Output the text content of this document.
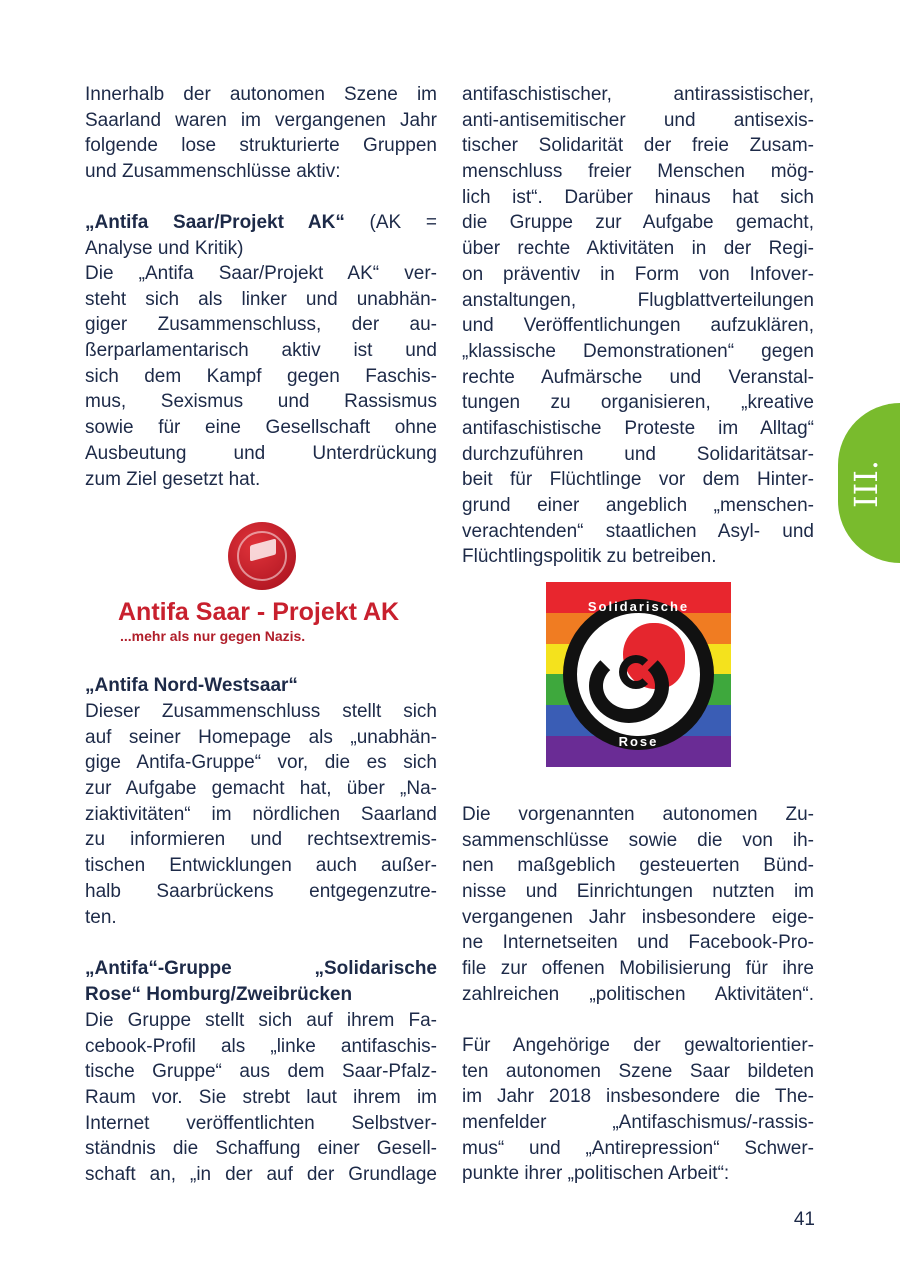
Innerhalb der autonomen Szene im
Saarland waren im vergangenen Jahr
folgende lose strukturierte Gruppen
und Zusammenschlüsse aktiv:
„Antifa Saar/Projekt AK“ (AK =
Analyse und Kritik)
Die „Antifa Saar/Projekt AK“ ver-
steht sich als linker und unabhän-
giger Zusammenschluss, der au-
ßerparlamentarisch aktiv ist und
sich dem Kampf gegen Faschis-
mus, Sexismus und Rassismus
sowie für eine Gesellschaft ohne
Ausbeutung und Unterdrückung
zum Ziel gesetzt hat.
Antifa Saar - Projekt AK
...mehr als nur gegen Nazis.
„Antifa Nord-Westsaar“
Dieser Zusammenschluss stellt sich
auf seiner Homepage als „unabhän-
gige Antifa-Gruppe“ vor, die es sich
zur Aufgabe gemacht hat, über „Na-
ziaktivitäten“ im nördlichen Saarland
zu informieren und rechtsextremis-
tischen Entwicklungen auch außer-
halb Saarbrückens entgegenzutre-
ten.
„Antifa“-Gruppe „Solidarische
Rose“ Homburg/Zweibrücken
Die Gruppe stellt sich auf ihrem Fa-
cebook-Profil als „linke antifaschis-
tische Gruppe“ aus dem Saar-Pfalz-
Raum vor. Sie strebt laut ihrem im
Internet veröffentlichten Selbstver-
ständnis die Schaffung einer Gesell-
schaft an, „in der auf der Grundlage
antifaschistischer, antirassistischer,
anti-antisemitischer und antisexis-
tischer Solidarität der freie Zusam-
menschluss freier Menschen mög-
lich ist“. Darüber hinaus hat sich
die Gruppe zur Aufgabe gemacht,
über rechte Aktivitäten in der Regi-
on präventiv in Form von Infover-
anstaltungen, Flugblattverteilungen
und Veröffentlichungen aufzuklären,
„klassische Demonstrationen“ gegen
rechte Aufmärsche und Veranstal-
tungen zu organisieren, „kreative
antifaschistische Proteste im Alltag“
durchzuführen und Solidaritätsar-
beit für Flüchtlinge vor dem Hinter-
grund einer angeblich „menschen-
verachtenden“ staatlichen Asyl- und
Flüchtlingspolitik zu betreiben.
Solidarische
Rose
Die vorgenannten autonomen Zu-
sammenschlüsse sowie die von ih-
nen maßgeblich gesteuerten Bünd-
nisse und Einrichtungen nutzten im
vergangenen Jahr insbesondere eige-
ne Internetseiten und Facebook-Pro-
file zur offenen Mobilisierung für ihre
zahlreichen „politischen Aktivitäten“.
Für Angehörige der gewaltorientier-
ten autonomen Szene Saar bildeten
im Jahr 2018 insbesondere die The-
menfelder „Antifaschismus/-rassis-
mus“ und „Antirepression“ Schwer-
punkte ihrer „politischen Arbeit“:
III.
41
